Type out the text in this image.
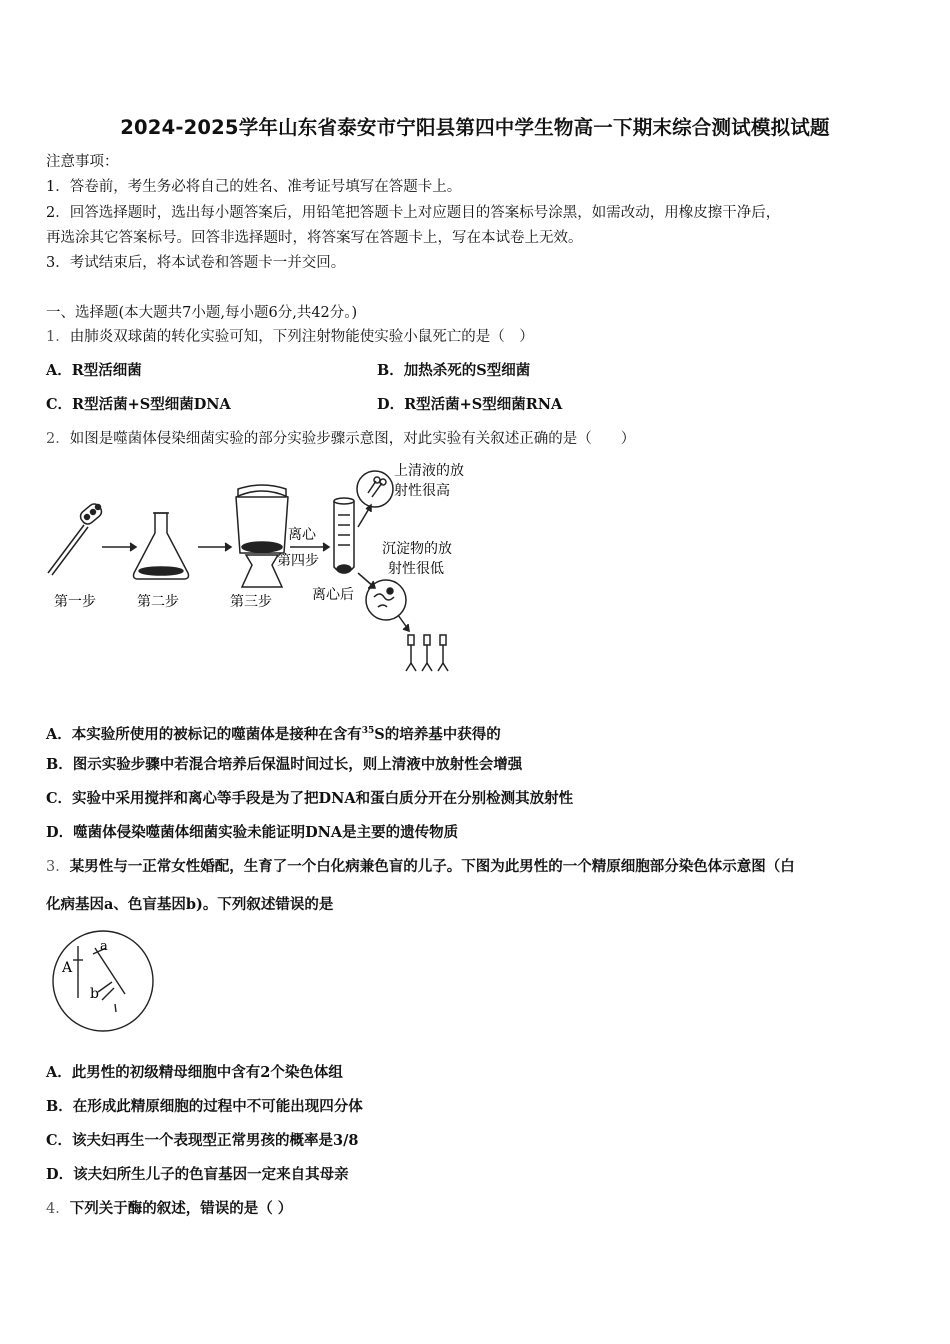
2024-2025学年山东省泰安市宁阳县第四中学生物高一下期末综合测试模拟试题
注意事项：
1．答卷前，考生务必将自己的姓名、准考证号填写在答题卡上。
2．回答选择题时，选出每小题答案后，用铅笔把答题卡上对应题目的答案标号涂黑，如需改动，用橡皮擦干净后，
再选涂其它答案标号。回答非选择题时，将答案写在答题卡上，写在本试卷上无效。
3．考试结束后，将本试卷和答题卡一并交回。
一、选择题(本大题共7小题,每小题6分,共42分。)
1．由肺炎双球菌的转化实验可知，下列注射物能使实验小鼠死亡的是（　）
A．R型活细菌	B．加热杀死的S型细菌
C．R型活菌+S型细菌DNA	D．R型活菌+S型细菌RNA
2．如图是噬菌体侵染细菌实验的部分实验步骤示意图，对此实验有关叙述正确的是（　　）
第一步	第二步	第三步
离心
第四步
离心后
上清液的放
射性很高
沉淀物的放
射性很低
A．本实验所使用的被标记的噬菌体是接种在含有$^{35}$S的培养基中获得的
B．图示实验步骤中若混合培养后保温时间过长，则上清液中放射性会增强
C．实验中采用搅拌和离心等手段是为了把DNA和蛋白质分开在分别检测其放射性
D．噬菌体侵染噬菌体细菌实验未能证明DNA是主要的遗传物质
3．某男性与一正常女性婚配，生育了一个白化病兼色盲的儿子。下图为此男性的一个精原细胞部分染色体示意图（白
化病基因a、色盲基因b)。下列叙述错误的是
A
a
b
A．此男性的初级精母细胞中含有2个染色体组
B．在形成此精原细胞的过程中不可能出现四分体
C．该夫妇再生一个表现型正常男孩的概率是3/8
D．该夫妇所生儿子的色盲基因一定来自其母亲
4．下列关于酶的叙述，错误的是（ ）
